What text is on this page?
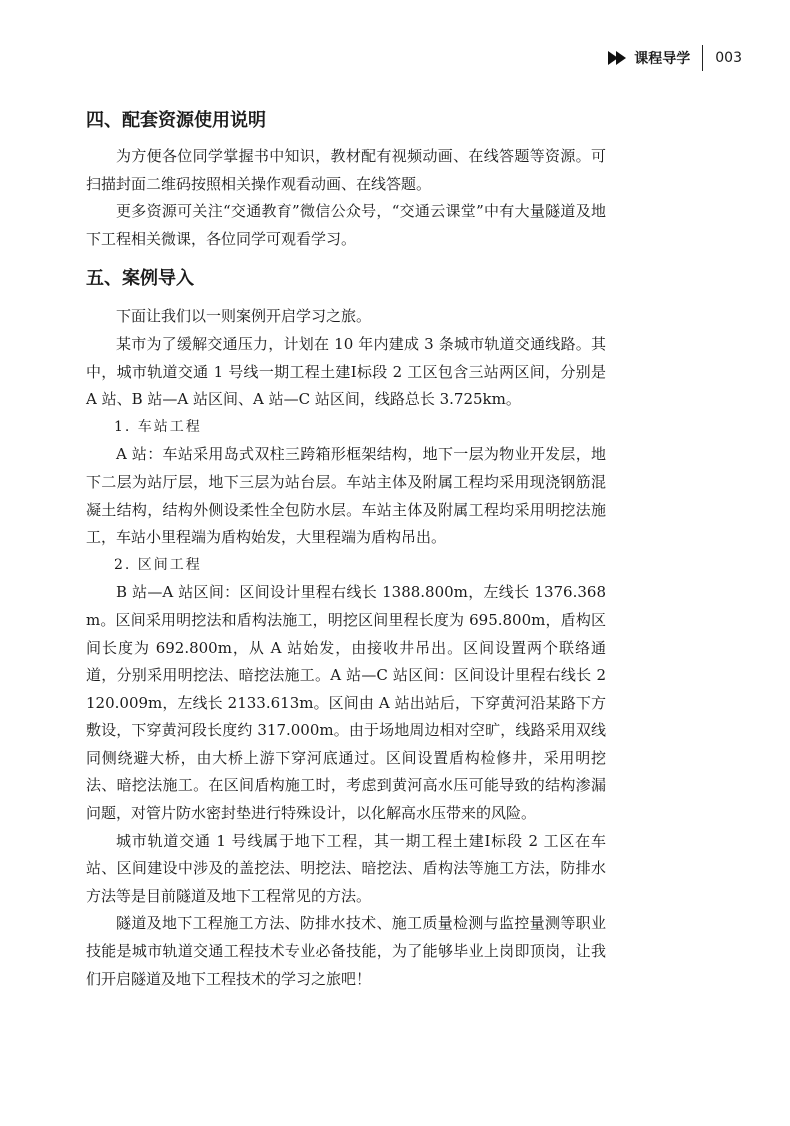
课程导学 003
四、配套资源使用说明

为方便各位同学掌握书中知识，教材配有视频动画、在线答题等资源。可扫描封面二维码按照相关操作观看动画、在线答题。

更多资源可关注“交通教育”微信公众号，“交通云课堂”中有大量隧道及地下工程相关微课，各位同学可观看学习。

五、案例导入

下面让我们以一则案例开启学习之旅。

某市为了缓解交通压力，计划在 10 年内建成 3 条城市轨道交通线路。其中，城市轨道交通 1 号线一期工程土建Ⅰ标段 2 工区包含三站两区间，分别是 A 站、B 站—A 站区间、A 站—C 站区间，线路总长 3.725km。

1. 车站工程

A 站：车站采用岛式双柱三跨箱形框架结构，地下一层为物业开发层，地下二层为站厅层，地下三层为站台层。车站主体及附属工程均采用现浇钢筋混凝土结构，结构外侧设柔性全包防水层。车站主体及附属工程均采用明挖法施工，车站小里程端为盾构始发，大里程端为盾构吊出。

2. 区间工程

B 站—A 站区间：区间设计里程右线长 1388.800m，左线长 1376.368m。区间采用明挖法和盾构法施工，明挖区间里程长度为 695.800m，盾构区间长度为 692.800m，从 A 站始发，由接收井吊出。区间设置两个联络通道，分别采用明挖法、暗挖法施工。A 站—C 站区间：区间设计里程右线长 2120.009m，左线长 2133.613m。区间由 A 站出站后，下穿黄河沿某路下方敷设，下穿黄河段长度约 317.000m。由于场地周边相对空旷，线路采用双线同侧绕避大桥，由大桥上游下穿河底通过。区间设置盾构检修井，采用明挖法、暗挖法施工。在区间盾构施工时，考虑到黄河高水压可能导致的结构渗漏问题，对管片防水密封垫进行特殊设计，以化解高水压带来的风险。

城市轨道交通 1 号线属于地下工程，其一期工程土建Ⅰ标段 2 工区在车站、区间建设中涉及的盖挖法、明挖法、暗挖法、盾构法等施工方法，防排水方法等是目前隧道及地下工程常见的方法。

隧道及地下工程施工方法、防排水技术、施工质量检测与监控量测等职业技能是城市轨道交通工程技术专业必备技能，为了能够毕业上岗即顶岗，让我们开启隧道及地下工程技术的学习之旅吧！
